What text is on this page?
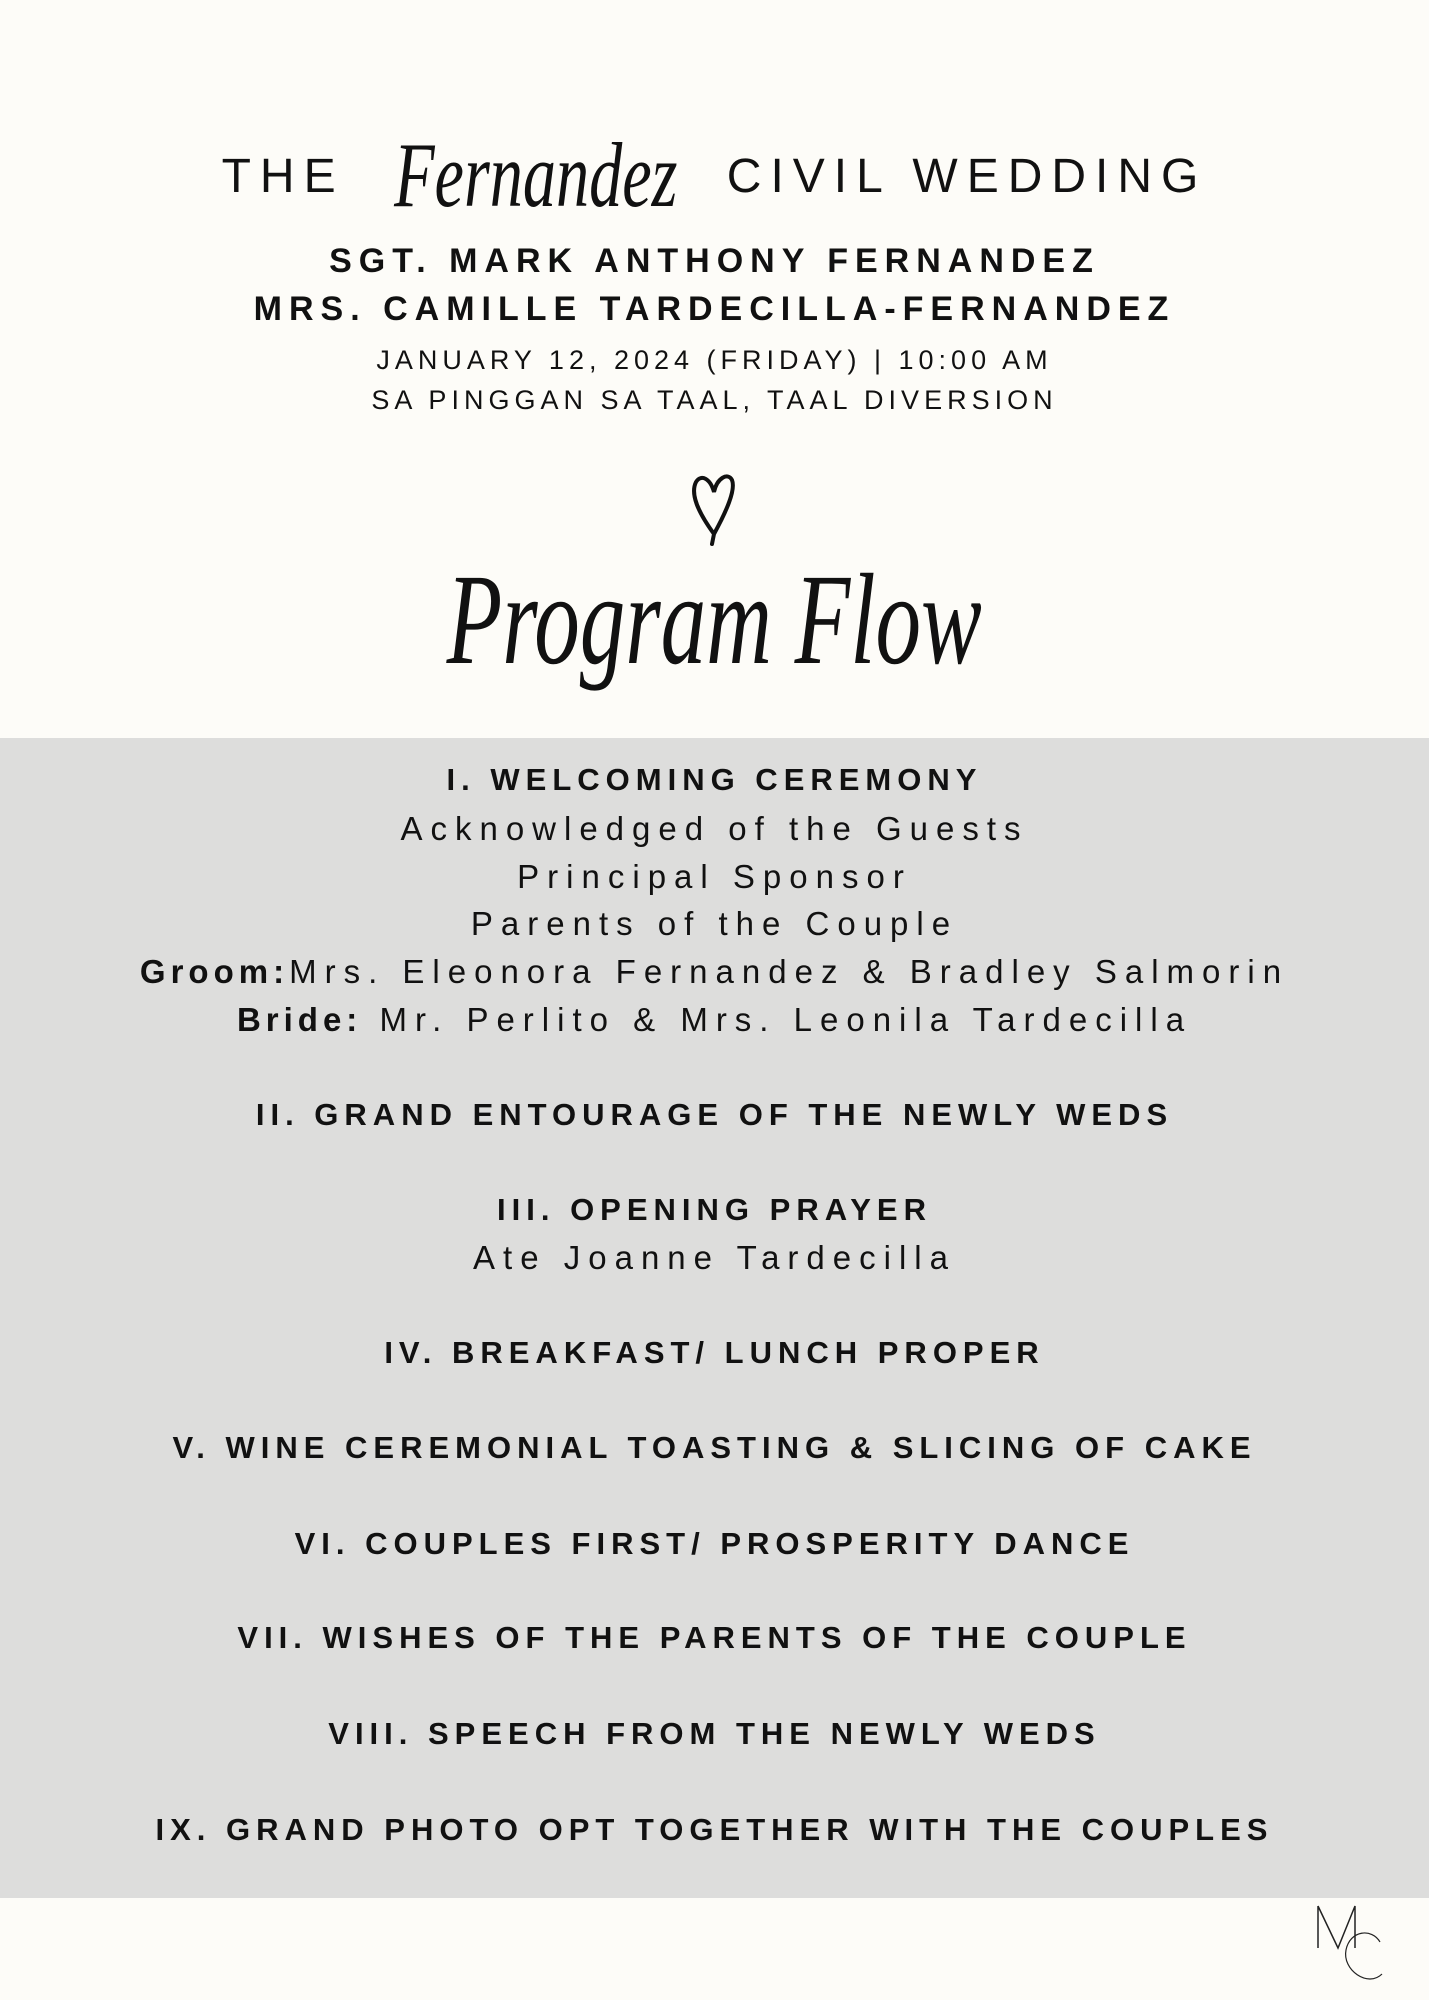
THE Fernandez CIVIL WEDDING
SGT. MARK ANTHONY FERNANDEZ
MRS. CAMILLE TARDECILLA-FERNANDEZ
JANUARY 12, 2024 (FRIDAY) | 10:00 AM
SA PINGGAN SA TAAL, TAAL DIVERSION
Program Flow
I. WELCOMING CEREMONY
Acknowledged of the Guests
Principal Sponsor
Parents of the Couple
Groom:Mrs. Eleonora Fernandez & Bradley Salmorin
Bride: Mr. Perlito & Mrs. Leonila Tardecilla
II. GRAND ENTOURAGE OF THE NEWLY WEDS
III. OPENING PRAYER
Ate Joanne Tardecilla
IV. BREAKFAST/ LUNCH PROPER
V. WINE CEREMONIAL TOASTING & SLICING OF CAKE
VI. COUPLES FIRST/ PROSPERITY DANCE
VII. WISHES OF THE PARENTS OF THE COUPLE
VIII. SPEECH FROM THE NEWLY WEDS
IX. GRAND PHOTO OPT TOGETHER WITH THE COUPLES
